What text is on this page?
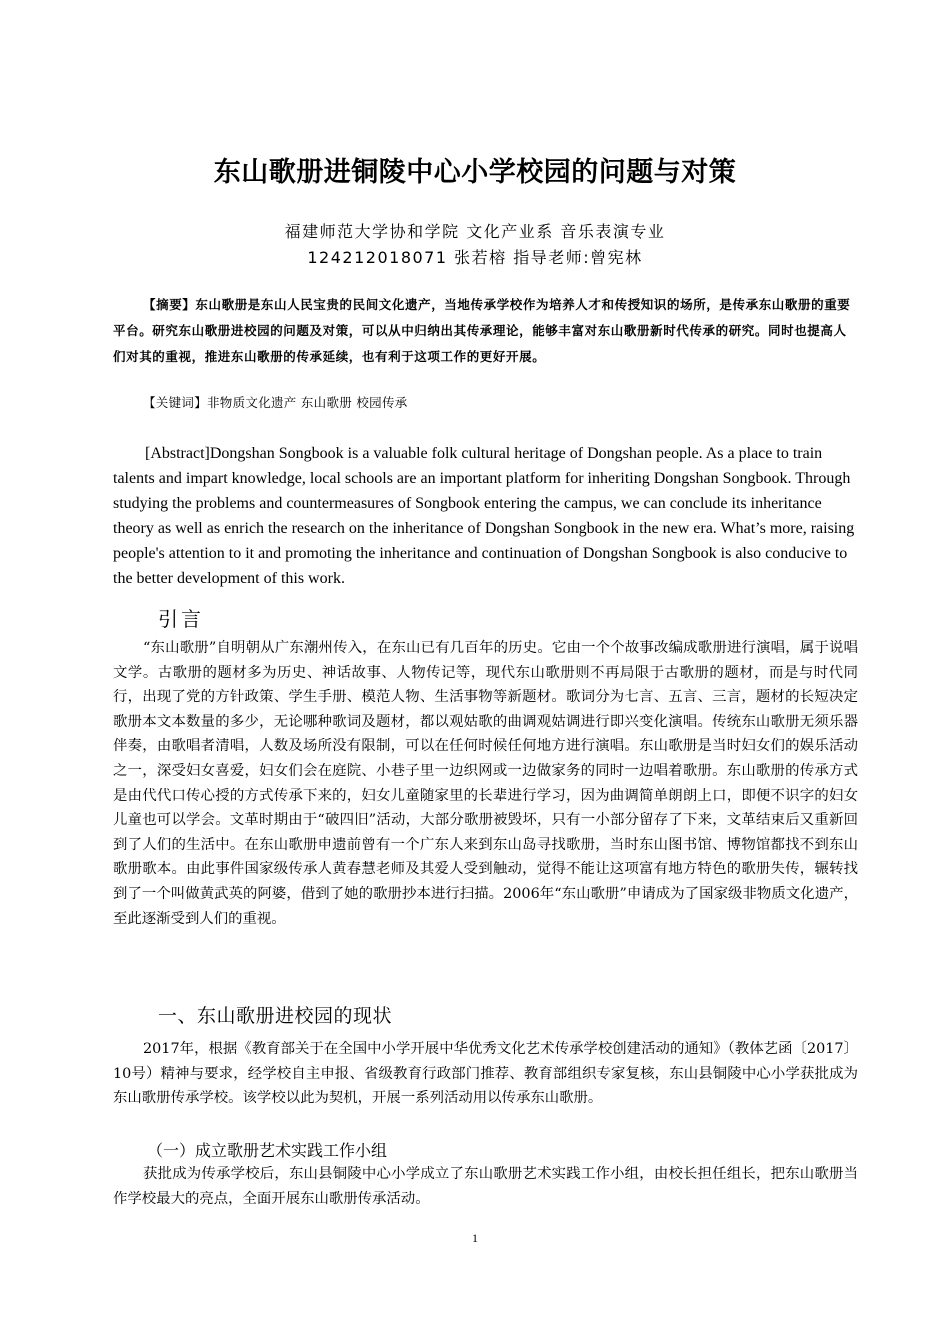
东山歌册进铜陵中心小学校园的问题与对策
福建师范大学协和学院 文化产业系 音乐表演专业
124212018071 张若榕 指导老师:曾宪林
【摘要】东山歌册是东山人民宝贵的民间文化遗产，当地传承学校作为培养人才和传授知识的场所，是传承东山歌册的重要平台。研究东山歌册进校园的问题及对策，可以从中归纳出其传承理论，能够丰富对东山歌册新时代传承的研究。同时也提高人们对其的重视，推进东山歌册的传承延续，也有利于这项工作的更好开展。
【关键词】非物质文化遗产 东山歌册 校园传承
[Abstract]Dongshan Songbook is a valuable folk cultural heritage of Dongshan people. As a place to train talents and impart knowledge, local schools are an important platform for inheriting Dongshan Songbook. Through studying the problems and countermeasures of Songbook entering the campus, we can conclude its inheritance theory as well as enrich the research on the inheritance of Dongshan Songbook in the new era. What’s more, raising people's attention to it and promoting the inheritance and continuation of Dongshan Songbook is also conducive to the better development of this work.
引言
“东山歌册”自明朝从广东潮州传入，在东山已有几百年的历史。它由一个个故事改编成歌册进行演唱，属于说唱文学。古歌册的题材多为历史、神话故事、人物传记等，现代东山歌册则不再局限于古歌册的题材，而是与时代同行，出现了党的方针政策、学生手册、模范人物、生活事物等新题材。歌词分为七言、五言、三言，题材的长短决定歌册本文本数量的多少，无论哪种歌词及题材，都以观姑歌的曲调观姑调进行即兴变化演唱。传统东山歌册无须乐器伴奏，由歌唱者清唱，人数及场所没有限制，可以在任何时候任何地方进行演唱。东山歌册是当时妇女们的娱乐活动之一，深受妇女喜爱，妇女们会在庭院、小巷子里一边织网或一边做家务的同时一边唱着歌册。东山歌册的传承方式是由代代口传心授的方式传承下来的，妇女儿童随家里的长辈进行学习，因为曲调简单朗朗上口，即便不识字的妇女儿童也可以学会。文革时期由于“破四旧”活动，大部分歌册被毁坏，只有一小部分留存了下来，文革结束后又重新回到了人们的生活中。在东山歌册申遗前曾有一个广东人来到东山岛寻找歌册，当时东山图书馆、博物馆都找不到东山歌册歌本。由此事件国家级传承人黄春慧老师及其爱人受到触动，觉得不能让这项富有地方特色的歌册失传，辗转找到了一个叫做黄武英的阿婆，借到了她的歌册抄本进行扫描。2006年“东山歌册”申请成为了国家级非物质文化遗产，至此逐渐受到人们的重视。
一、东山歌册进校园的现状
2017年，根据《教育部关于在全国中小学开展中华优秀文化艺术传承学校创建活动的通知》（教体艺函〔2017〕10号）精神与要求，经学校自主申报、省级教育行政部门推荐、教育部组织专家复核，东山县铜陵中心小学获批成为东山歌册传承学校。该学校以此为契机，开展一系列活动用以传承东山歌册。
（一）成立歌册艺术实践工作小组
获批成为传承学校后，东山县铜陵中心小学成立了东山歌册艺术实践工作小组，由校长担任组长，把东山歌册当作学校最大的亮点，全面开展东山歌册传承活动。
1
